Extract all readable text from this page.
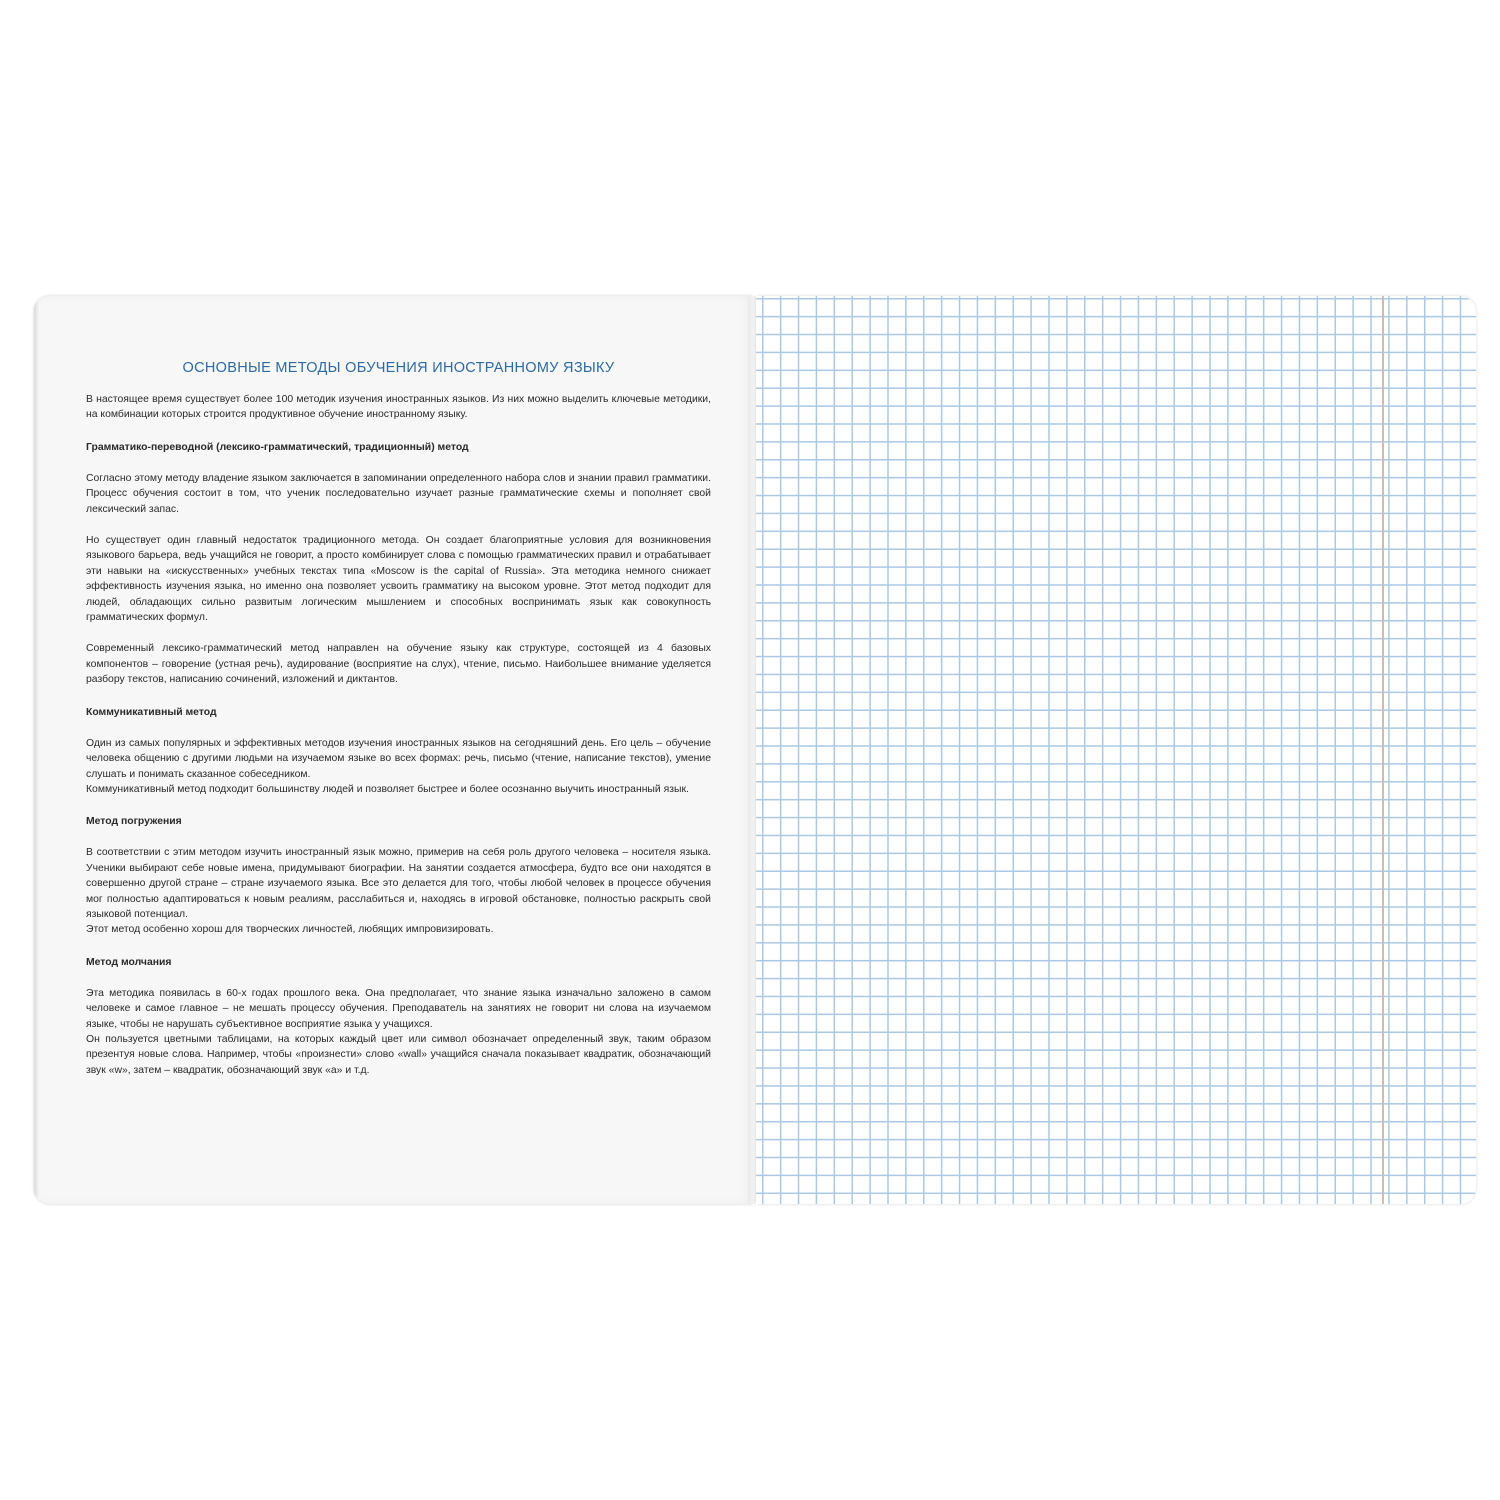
ОСНОВНЫЕ МЕТОДЫ ОБУЧЕНИЯ ИНОСТРАННОМУ ЯЗЫКУ

В настоящее время существует более 100 методик изучения иностранных языков. Из них можно выделить ключевые методики, на комбинации которых строится продуктивное обучение иностранному языку.

Грамматико-переводной (лексико-грамматический, традиционный) метод

Согласно этому методу владение языком заключается в запоминании определенного набора слов и знании правил грамматики. Процесс обучения состоит в том, что ученик последовательно изучает разные грамматические схемы и пополняет свой лексический запас.

Но существует один главный недостаток традиционного метода. Он создает благоприятные условия для возникновения языкового барьера, ведь учащийся не говорит, а просто комбинирует слова с помощью грамматических правил и отрабатывает эти навыки на «искусственных» учебных текстах типа «Moscow is the capital of Russia». Эта методика немного снижает эффективность изучения языка, но именно она позволяет усвоить грамматику на высоком уровне. Этот метод подходит для людей, обладающих сильно развитым логическим мышлением и способных воспринимать язык как совокупность грамматических формул.

Современный лексико-грамматический метод направлен на обучение языку как структуре, состоящей из 4 базовых компонентов – говорение (устная речь), аудирование (восприятие на слух), чтение, письмо. Наибольшее внимание уделяется разбору текстов, написанию сочинений, изложений и диктантов.

Коммуникативный метод

Один из самых популярных и эффективных методов изучения иностранных языков на сегодняшний день. Его цель – обучение человека общению с другими людьми на изучаемом языке во всех формах: речь, письмо (чтение, написание текстов), умение слушать и понимать сказанное собеседником.
Коммуникативный метод подходит большинству людей и позволяет быстрее и более осознанно выучить иностранный язык.

Метод погружения

В соответствии с этим методом изучить иностранный язык можно, примерив на себя роль другого человека – носителя языка. Ученики выбирают себе новые имена, придумывают биографии. На занятии создается атмосфера, будто все они находятся в совершенно другой стране – стране изучаемого языка. Все это делается для того, чтобы любой человек в процессе обучения мог полностью адаптироваться к новым реалиям, расслабиться и, находясь в игровой обстановке, полностью раскрыть свой языковой потенциал.
Этот метод особенно хорош для творческих личностей, любящих импровизировать.

Метод молчания

Эта методика появилась в 60-х годах прошлого века. Она предполагает, что знание языка изначально заложено в самом человеке и самое главное – не мешать процессу обучения. Преподаватель на занятиях не говорит ни слова на изучаемом языке, чтобы не нарушать субъективное восприятие языка у учащихся.
Он пользуется цветными таблицами, на которых каждый цвет или символ обозначает определенный звук, таким образом презентуя новые слова. Например, чтобы «произнести» слово «wall» учащийся сначала показывает квадратик, обозначающий звук «w», затем – квадратик, обозначающий звук «а» и т.д.
